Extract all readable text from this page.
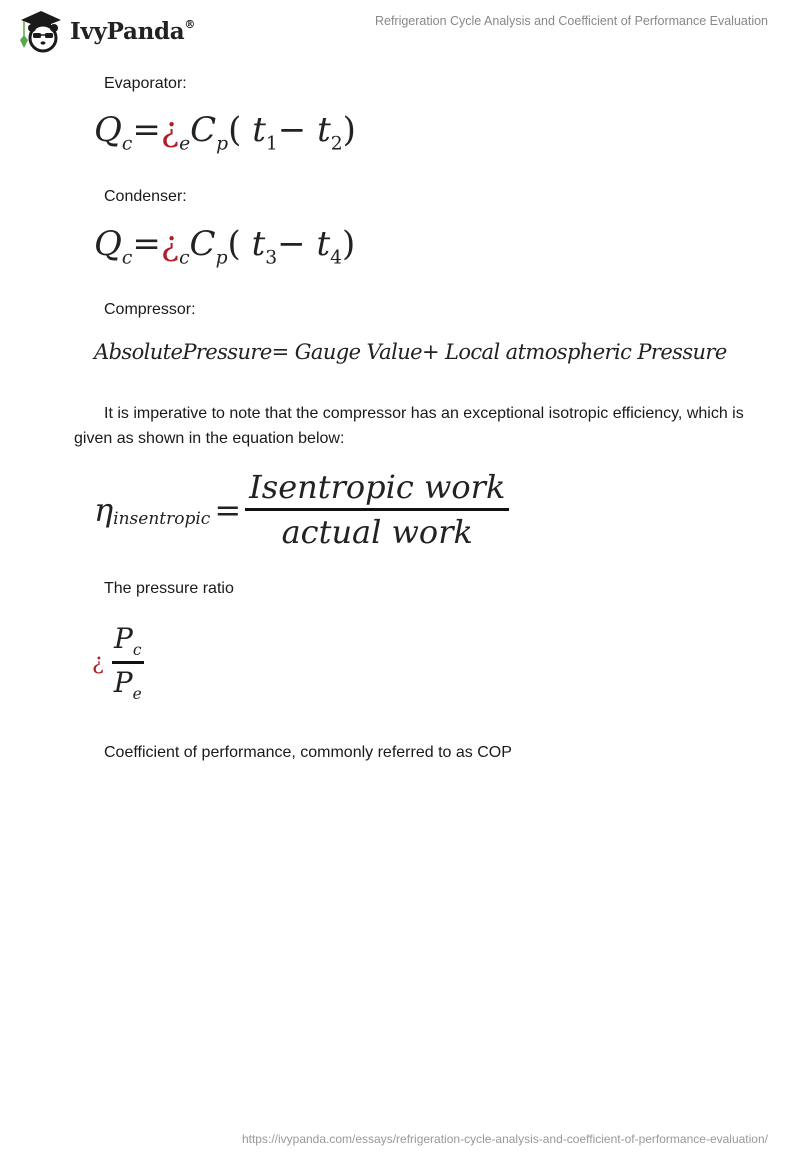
IvyPanda®	Refrigeration Cycle Analysis and Coefficient of Performance Evaluation
Evaporator:
$Q_c=¿_eC_p$( $t_1- t_2$)
Condenser:
$Q_c=¿_cC_p$( $t_3- t_4$)
Compressor:
AbsolutePressure= Gauge Value+ Local atmospheric Pressure
It is imperative to note that the compressor has an exceptional isotropic efficiency, which is given as shown in the equation below:
η insentropic = $\frac{\text{Isentropic work}}{\text{actual work}}$
The pressure ratio
¿ $\frac{P_c}{P_e}$
Coefficient of performance, commonly referred to as COP
https://ivypanda.com/essays/refrigeration-cycle-analysis-and-coefficient-of-performance-evaluation/
